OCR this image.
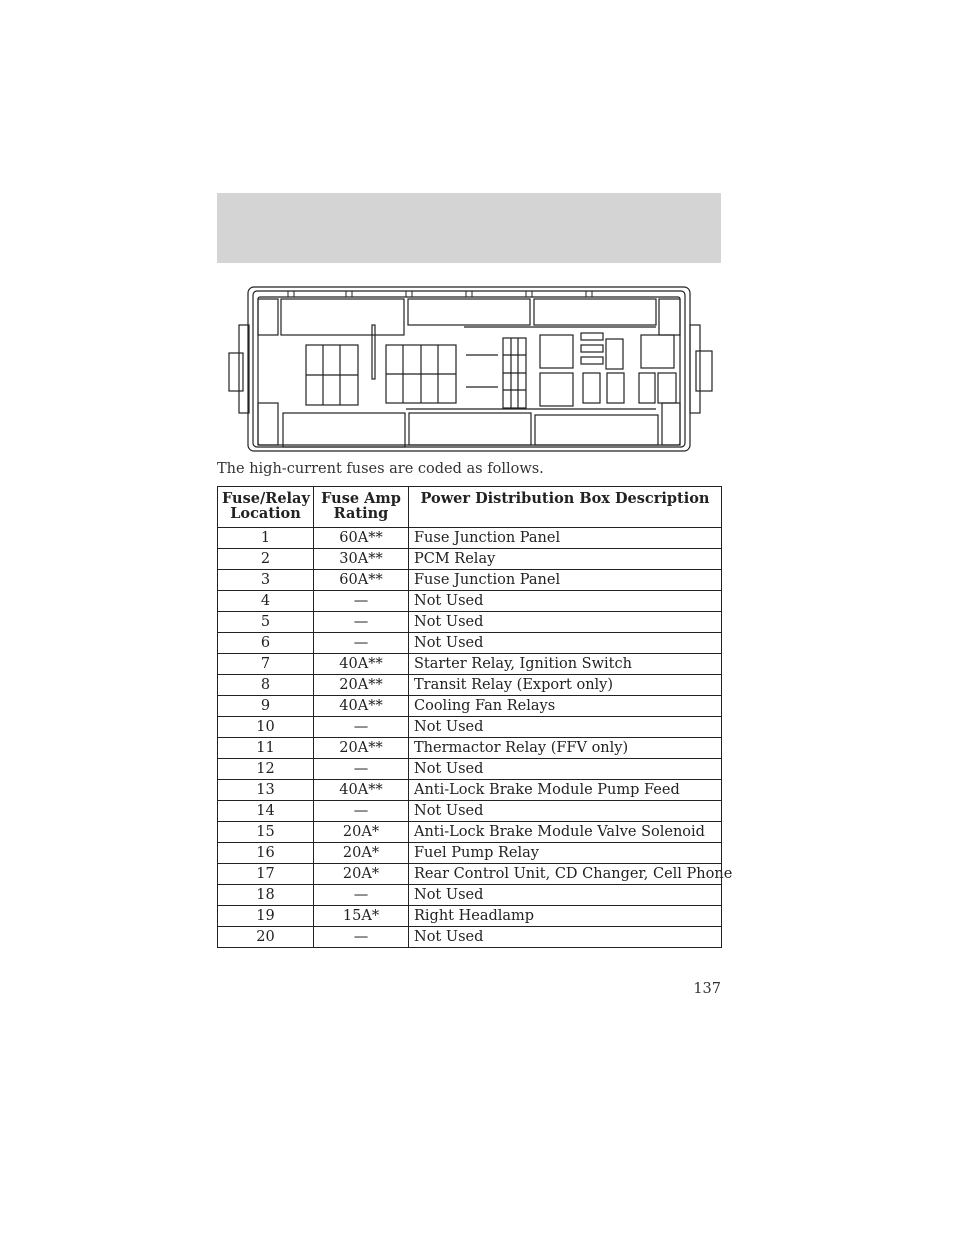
The high-current fuses are coded as follows.
Fuse/Relay
Location	Fuse Amp
Rating	Power Distribution Box Description
1	60A**	Fuse Junction Panel
2	30A**	PCM Relay
3	60A**	Fuse Junction Panel
4	—	Not Used
5	—	Not Used
6	—	Not Used
7	40A**	Starter Relay, Ignition Switch
8	20A**	Transit Relay (Export only)
9	40A**	Cooling Fan Relays
10	—	Not Used
11	20A**	Thermactor Relay (FFV only)
12	—	Not Used
13	40A**	Anti-Lock Brake Module Pump Feed
14	—	Not Used
15	20A*	Anti-Lock Brake Module Valve Solenoid
16	20A*	Fuel Pump Relay
17	20A*	Rear Control Unit, CD Changer, Cell Phone
18	—	Not Used
19	15A*	Right Headlamp
20	—	Not Used
137
